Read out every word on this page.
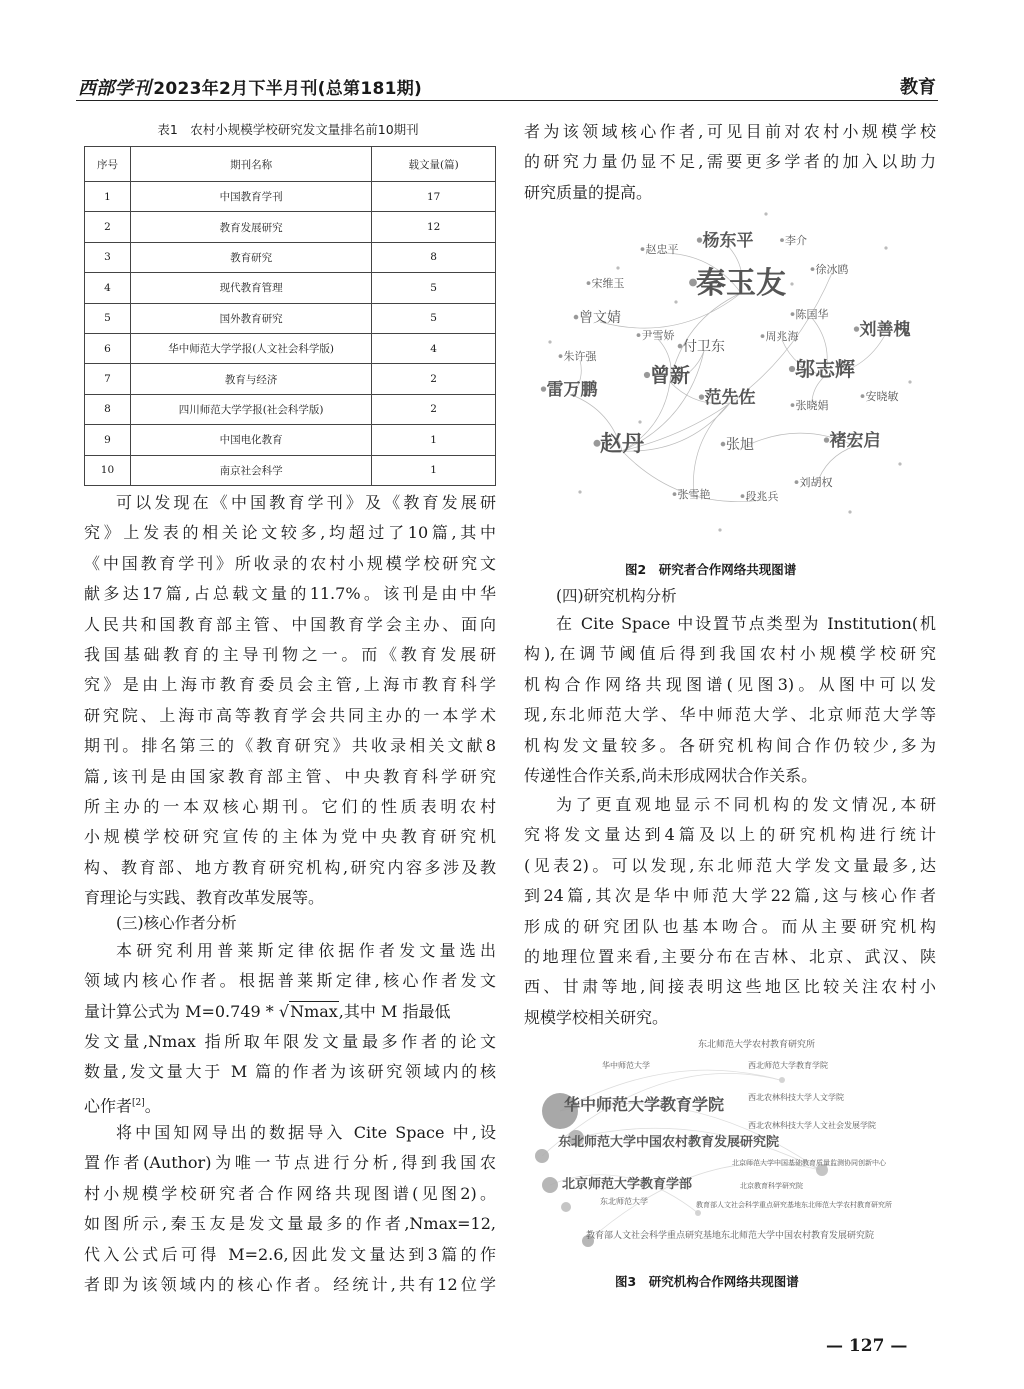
西部学刊 2023年2月下半月刊(总第181期)	教育
表1　农村小规模学校研究发文量排名前10期刊
序号	期刊名称	载文量(篇)
1	中国教育学刊	17
2	教育发展研究	12
3	教育研究	8
4	现代教育管理	5
5	国外教育研究	5
6	华中师范大学学报(人文社会科学版)	4
7	教育与经济	2
8	四川师范大学学报(社会科学版)	2
9	中国电化教育	1
10	南京社会科学	1
可以发现在《中国教育学刊》及《教育发展研
究》上发表的相关论文较多,均超过了10篇,其中
《中国教育学刊》所收录的农村小规模学校研究文
献多达17篇,占总载文量的11.7%。该刊是由中华
人民共和国教育部主管、中国教育学会主办、面向
我国基础教育的主导刊物之一。而《教育发展研
究》是由上海市教育委员会主管,上海市教育科学
研究院、上海市高等教育学会共同主办的一本学术
期刊。排名第三的《教育研究》共收录相关文献8
篇,该刊是由国家教育部主管、中央教育科学研究
所主办的一本双核心期刊。它们的性质表明农村
小规模学校研究宣传的主体为党中央教育研究机
构、教育部、地方教育研究机构,研究内容多涉及教
育理论与实践、教育改革发展等。
(三)核心作者分析
本研究利用普莱斯定律依据作者发文量选出
领域内核心作者。根据普莱斯定律,核心作者发文
量计算公式为 M=0.749 * √Nmax,其中 M 指最低
发文量,Nmax 指所取年限发文量最多作者的论文
数量,发文量大于 M 篇的作者为该研究领域内的核
心作者[2]。
将中国知网导出的数据导入 Cite Space 中,设
置作者(Author)为唯一节点进行分析,得到我国农
村小规模学校研究者合作网络共现图谱(见图2)。
如图所示,秦玉友是发文量最多的作者,Nmax=12,
代入公式后可得 M=2.6,因此发文量达到3篇的作
者即为该领域内的核心作者。经统计,共有12位学
者为该领域核心作者,可见目前对农村小规模学校
的研究力量仍显不足,需要更多学者的加入以助力
研究质量的提高。
杨东平	李介
赵忠平
徐冰鸥
宋维玉 秦玉友
陈国华
曾文婧
刘善槐
尹雪娇	周兆海
付卫东
朱许强
曾新	邬志辉
雷万鹏	范先佐	安晓敏
张晓娟
赵丹	张旭	褚宏启
刘胡权
张雪艳	段兆兵
图2　研究者合作网络共现图谱
(四)研究机构分析
在 Cite Space 中设置节点类型为 Institution(机
构),在调节阈值后得到我国农村小规模学校研究
机构合作网络共现图谱(见图3)。从图中可以发
现,东北师范大学、华中师范大学、北京师范大学等
机构发文量较多。各研究机构间合作仍较少,多为
传递性合作关系,尚未形成网状合作关系。
为了更直观地显示不同机构的发文情况,本研
究将发文量达到4篇及以上的研究机构进行统计
(见表2)。可以发现,东北师范大学发文量最多,达
到24篇,其次是华中师范大学22篇,这与核心作者
形成的研究团队也基本吻合。而从主要研究机构
的地理位置来看,主要分布在吉林、北京、武汉、陕
西、甘肃等地,间接表明这些地区比较关注农村小
规模学校相关研究。
东北师范大学农村教育研究所
华中师范大学	西北师范大学教育学院
华中师范大学教育学院	西北农林科技大学人文学院
西北农林科技大学人文社会发展学院
东北师范大学中国农村教育发展研究院
北京师范大学中国基础教育质量监测协同创新中心
北京师范大学教育学部	北京教育科学研究院
东北师范大学	教育部人文社会科学重点研究基地东北师范大学农村教育研究所
教育部人文社会科学重点研究基地东北师范大学中国农村教育发展研究院
图3　研究机构合作网络共现图谱
— 127 —
